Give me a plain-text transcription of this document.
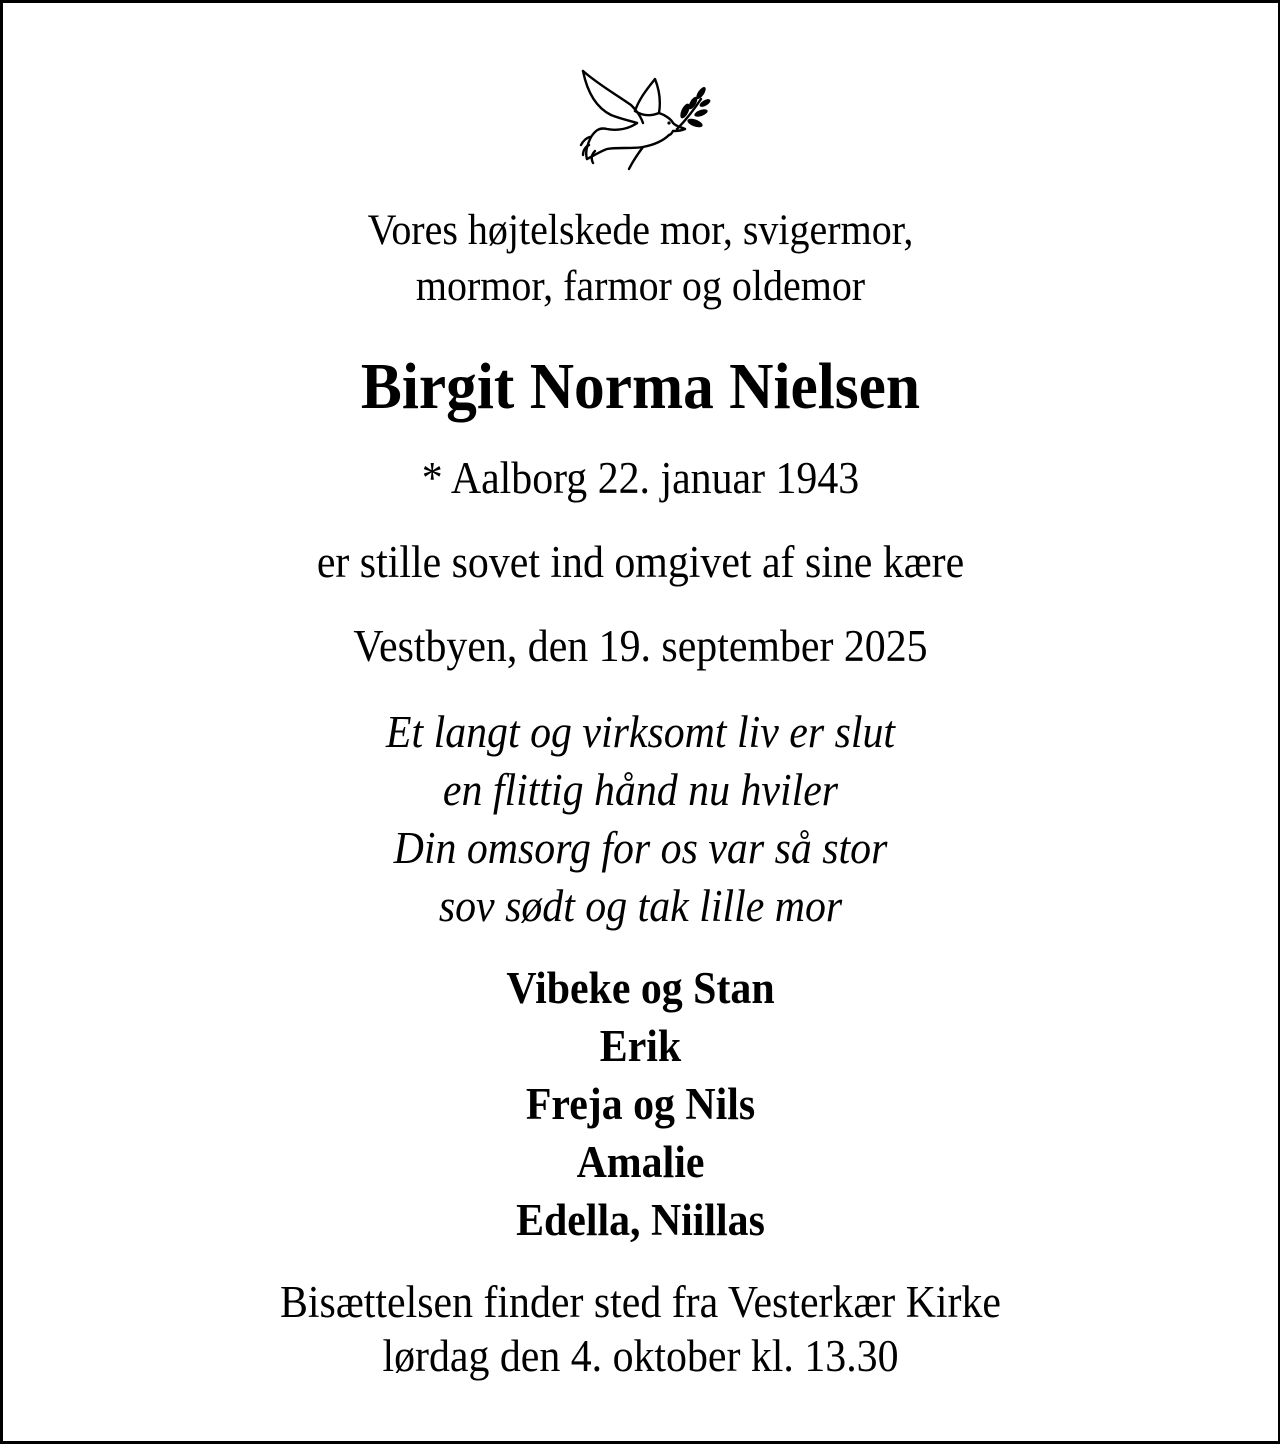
Vores højtelskede mor, svigermor,
mormor, farmor og oldemor
Birgit Norma Nielsen
* Aalborg 22. januar 1943
er stille sovet ind omgivet af sine kære
Vestbyen, den 19. september 2025
Et langt og virksomt liv er slut
en flittig hånd nu hviler
Din omsorg for os var så stor
sov sødt og tak lille mor
Vibeke og Stan
Erik
Freja og Nils
Amalie
Edella, Niillas
Bisættelsen finder sted fra Vesterkær Kirke
lørdag den 4. oktober kl. 13.30
